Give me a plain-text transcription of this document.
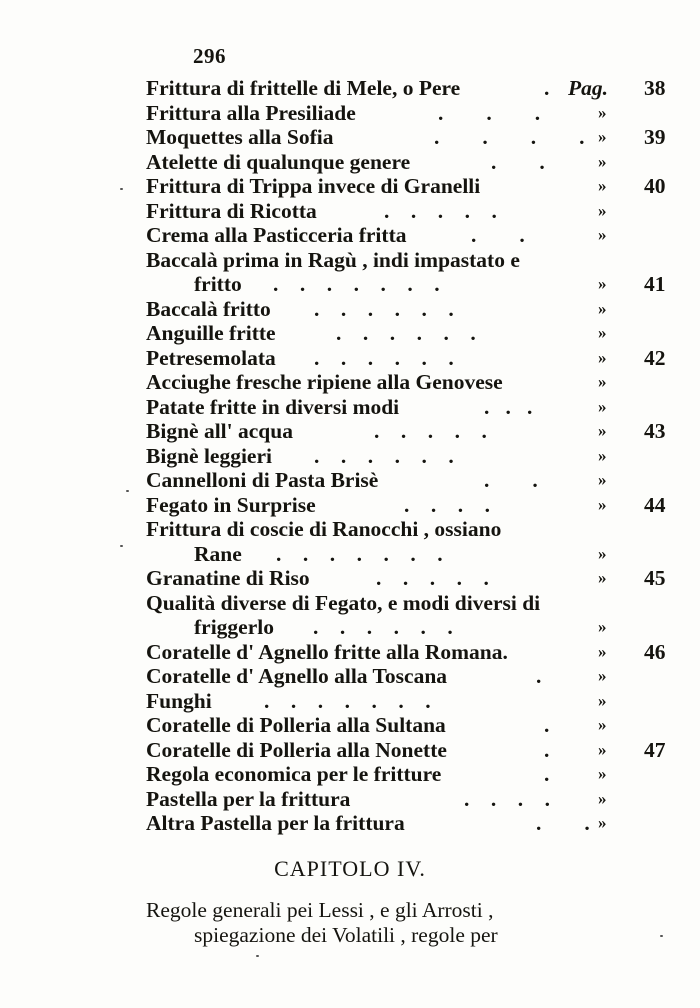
296
Frittura di frittelle di Mele, o Pere	. Pag. 38
Frittura alla Presiliade	.        .        .	»
Moquettes alla Sofia	.        .        .        . » 39
Atelette di qualunque genere	.        .	»
Frittura di Trippa invece di Granelli	» 40
Frittura di Ricotta	.    .    .    .    .	»
Crema alla Pasticceria fritta	.        .	»
Baccalà prima in Ragù , indi impastato e
fritto .    .    .    .    .    .    .	» 41
Baccalà fritto .    .    .    .    .    .	»
Anguille fritte	.    .    .    .    .    .	»
Petresemolata .    .    .    .    .    .	» 42
Acciughe fresche ripiene alla Genovese	»
Patate fritte in diversi modi	.   .   .	»
Bignè all' acqua	.    .    .    .    .	» 43
Bignè leggieri .    .    .    .    .    .	»
Cannelloni di Pasta Brisè	.        .	»
Fegato in Surprise	.    .    .    .	» 44
Frittura di coscie di Ranocchi , ossiano
Rane .    .    .    .    .    .    .	»
Granatine di Riso	.    .    .    .    .	» 45
Qualità diverse di Fegato, e modi diversi di
friggerlo .    .    .    .    .    .	»
Coratelle d' Agnello fritte alla Romana.	» 46
Coratelle d' Agnello alla Toscana	.	»
Funghi .    .    .    .    .    .    .	»
Coratelle di Polleria alla Sultana	.	»
Coratelle di Polleria alla Nonette	.	» 47
Regola economica per le fritture	.	»
Pastella per la frittura	.    .    .    .	»
Altra Pastella per la frittura	.        . »
CAPITOLO IV.
Regole generali pei Lessi , e gli Arrosti ,
spiegazione dei Volatili , regole per
